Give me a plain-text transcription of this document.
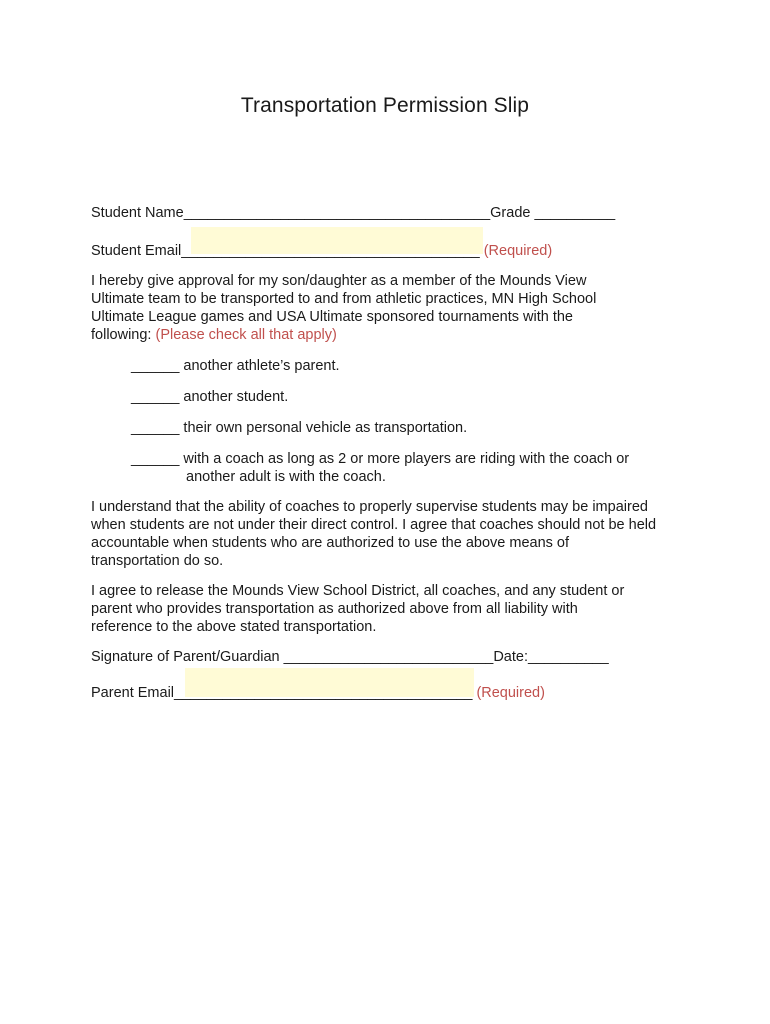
Transportation Permission Slip
Student Name______________________________________Grade __________
Student Email_____________________________________ (Required)
I hereby give approval for my son/daughter as a member of the Mounds View
Ultimate team to be transported to and from athletic practices, MN High School
Ultimate League games and USA Ultimate sponsored tournaments with the
following: (Please check all that apply)
______ another athlete’s parent.
______ another student.
______ their own personal vehicle as transportation.
______ with a coach as long as 2 or more players are riding with the coach or
another adult is with the coach.
I understand that the ability of coaches to properly supervise students may be impaired
when students are not under their direct control. I agree that coaches should not be held
accountable when students who are authorized to use the above means of
transportation do so.
I agree to release the Mounds View School District, all coaches, and any student or
parent who provides transportation as authorized above from all liability with
reference to the above stated transportation.
Signature of Parent/Guardian __________________________Date:__________
Parent Email_____________________________________ (Required)
